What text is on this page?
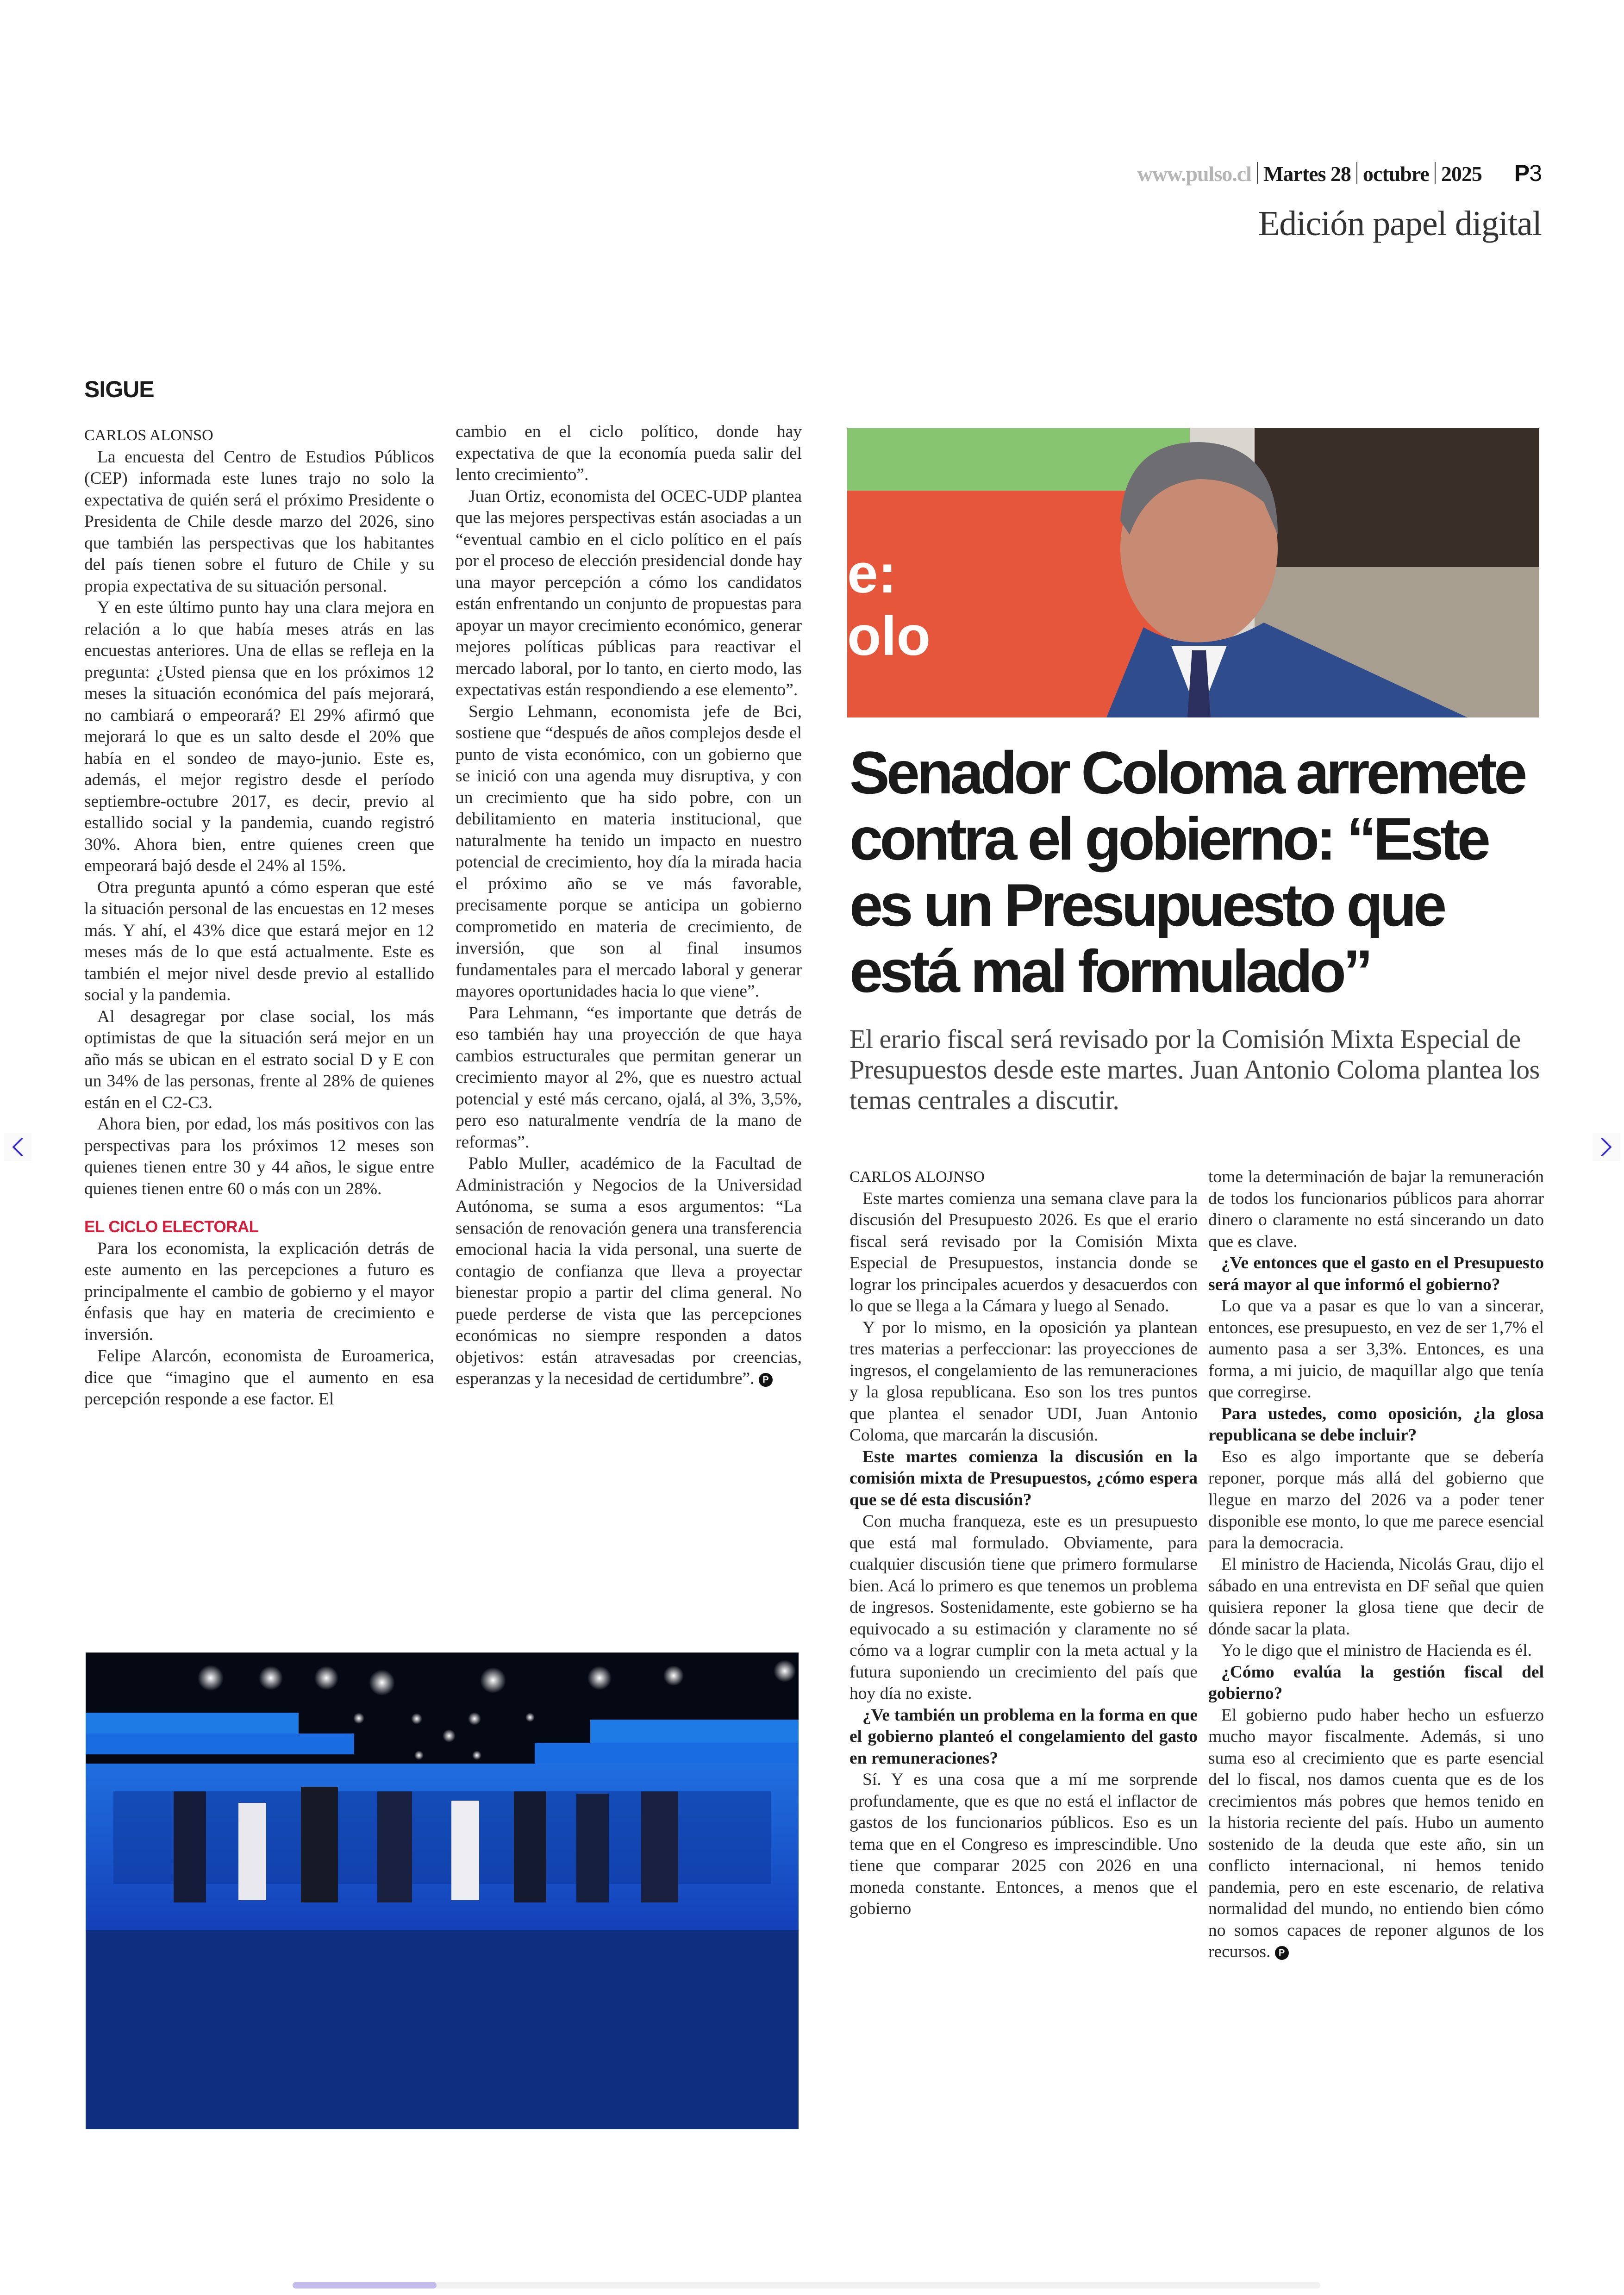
www.pulso.cl Martes 28 octubre 2025 P3
Edición papel digital
SIGUE

CARLOS ALONSO

La encuesta del Centro de Estudios Públicos (CEP) informada este lunes trajo no solo la expectativa de quién será el próximo Presidente o Presidenta de Chile desde marzo del 2026, sino que también las perspectivas que los habitantes del país tienen sobre el futuro de Chile y su propia expectativa de su situación personal.

Y en este último punto hay una clara mejora en relación a lo que había meses atrás en las encuestas anteriores. Una de ellas se refleja en la pregunta: ¿Usted piensa que en los próximos 12 meses la situación económica del país mejorará, no cambiará o empeorará? El 29% afirmó que mejorará lo que es un salto desde el 20% que había en el sondeo de mayo-junio. Este es, además, el mejor registro desde el período septiembre-octubre 2017, es decir, previo al estallido social y la pandemia, cuando registró 30%. Ahora bien, entre quienes creen que empeorará bajó desde el 24% al 15%.

Otra pregunta apuntó a cómo esperan que esté la situación personal de las encuestas en 12 meses más. Y ahí, el 43% dice que estará mejor en 12 meses más de lo que está actualmente. Este es también el mejor nivel desde previo al estallido social y la pandemia.

Al desagregar por clase social, los más optimistas de que la situación será mejor en un año más se ubican en el estrato social D y E con un 34% de las personas, frente al 28% de quienes están en el C2-C3.

Ahora bien, por edad, los más positivos con las perspectivas para los próximos 12 meses son quienes tienen entre 30 y 44 años, le sigue entre quienes tienen entre 60 o más con un 28%.

EL CICLO ELECTORAL

Para los economista, la explicación detrás de este aumento en las percepciones a futuro es principalmente el cambio de gobierno y el mayor énfasis que hay en materia de crecimiento e inversión.

Felipe Alarcón, economista de Euroamerica, dice que “imagino que el aumento en esa percepción responde a ese factor. El

cambio en el ciclo político, donde hay expectativa de que la economía pueda salir del lento crecimiento”.

Juan Ortiz, economista del OCEC-UDP plantea que las mejores perspectivas están asociadas a un “eventual cambio en el ciclo político en el país por el proceso de elección presidencial donde hay una mayor percepción a cómo los candidatos están enfrentando un conjunto de propuestas para apoyar un mayor crecimiento económico, generar mejores políticas públicas para reactivar el mercado laboral, por lo tanto, en cierto modo, las expectativas están respondiendo a ese elemento”.

Sergio Lehmann, economista jefe de Bci, sostiene que “después de años complejos desde el punto de vista económico, con un gobierno que se inició con una agenda muy disruptiva, y con un crecimiento que ha sido pobre, con un debilitamiento en materia institucional, que naturalmente ha tenido un impacto en nuestro potencial de crecimiento, hoy día la mirada hacia el próximo año se ve más favorable, precisamente porque se anticipa un gobierno comprometido en materia de crecimiento, de inversión, que son al final insumos fundamentales para el mercado laboral y generar mayores oportunidades hacia lo que viene”.

Para Lehmann, “es importante que detrás de eso también hay una proyección de que haya cambios estructurales que permitan generar un crecimiento mayor al 2%, que es nuestro actual potencial y esté más cercano, ojalá, al 3%, 3,5%, pero eso naturalmente vendría de la mano de reformas”.

Pablo Muller, académico de la Facultad de Administración y Negocios de la Universidad Autónoma, se suma a esos argumentos: “La sensación de renovación genera una transferencia emocional hacia la vida personal, una suerte de contagio de confianza que lleva a proyectar bienestar propio a partir del clima general. No puede perderse de vista que las percepciones económicas no siempre responden a datos objetivos: están atravesadas por creencias, esperanzas y la necesidad de certidumbre”. P

e:
olo
Senador Coloma arremete contra el gobierno: “Este es un Presupuesto que está mal formulado”
El erario fiscal será revisado por la Comisión Mixta Especial de Presupuestos desde este martes. Juan Antonio Coloma plantea los temas centrales a discutir.

CARLOS ALOJNSO

Este martes comienza una semana clave para la discusión del Presupuesto 2026. Es que el erario fiscal será revisado por la Comisión Mixta Especial de Presupuestos, instancia donde se lograr los principales acuerdos y desacuerdos con lo que se llega a la Cámara y luego al Senado.

Y por lo mismo, en la oposición ya plantean tres materias a perfeccionar: las proyecciones de ingresos, el congelamiento de las remuneraciones y la glosa republicana. Eso son los tres puntos que plantea el senador UDI, Juan Antonio Coloma, que marcarán la discusión.

Este martes comienza la discusión en la comisión mixta de Presupuestos, ¿cómo espera que se dé esta discusión?

Con mucha franqueza, este es un presupuesto que está mal formulado. Obviamente, para cualquier discusión tiene que primero formularse bien. Acá lo primero es que tenemos un problema de ingresos. Sostenidamente, este gobierno se ha equivocado a su estimación y claramente no sé cómo va a lograr cumplir con la meta actual y la futura suponiendo un crecimiento del país que hoy día no existe.

¿Ve también un problema en la forma en que el gobierno planteó el congelamiento del gasto en remuneraciones?

Sí. Y es una cosa que a mí me sorprende profundamente, que es que no está el inflactor de gastos de los funcionarios públicos. Eso es un tema que en el Congreso es imprescindible. Uno tiene que comparar 2025 con 2026 en una moneda constante. Entonces, a menos que el gobierno

tome la determinación de bajar la remuneración de todos los funcionarios públicos para ahorrar dinero o claramente no está sincerando un dato que es clave.

¿Ve entonces que el gasto en el Presupuesto será mayor al que informó el gobierno?

Lo que va a pasar es que lo van a sincerar, entonces, ese presupuesto, en vez de ser 1,7% el aumento pasa a ser 3,3%. Entonces, es una forma, a mi juicio, de maquillar algo que tenía que corregirse.

Para ustedes, como oposición, ¿la glosa republicana se debe incluir?

Eso es algo importante que se debería reponer, porque más allá del gobierno que llegue en marzo del 2026 va a poder tener disponible ese monto, lo que me parece esencial para la democracia.

El ministro de Hacienda, Nicolás Grau, dijo el sábado en una entrevista en DF señal que quien quisiera reponer la glosa tiene que decir de dónde sacar la plata.

Yo le digo que el ministro de Hacienda es él.

¿Cómo evalúa la gestión fiscal del gobierno?

El gobierno pudo haber hecho un esfuerzo mucho mayor fiscalmente. Además, si uno suma eso al crecimiento que es parte esencial del lo fiscal, nos damos cuenta que es de los crecimientos más pobres que hemos tenido en la historia reciente del país. Hubo un aumento sostenido de la deuda que este año, sin un conflicto internacional, ni hemos tenido pandemia, pero en este escenario, de relativa normalidad del mundo, no entiendo bien cómo no somos capaces de reponer algunos de los recursos. P
